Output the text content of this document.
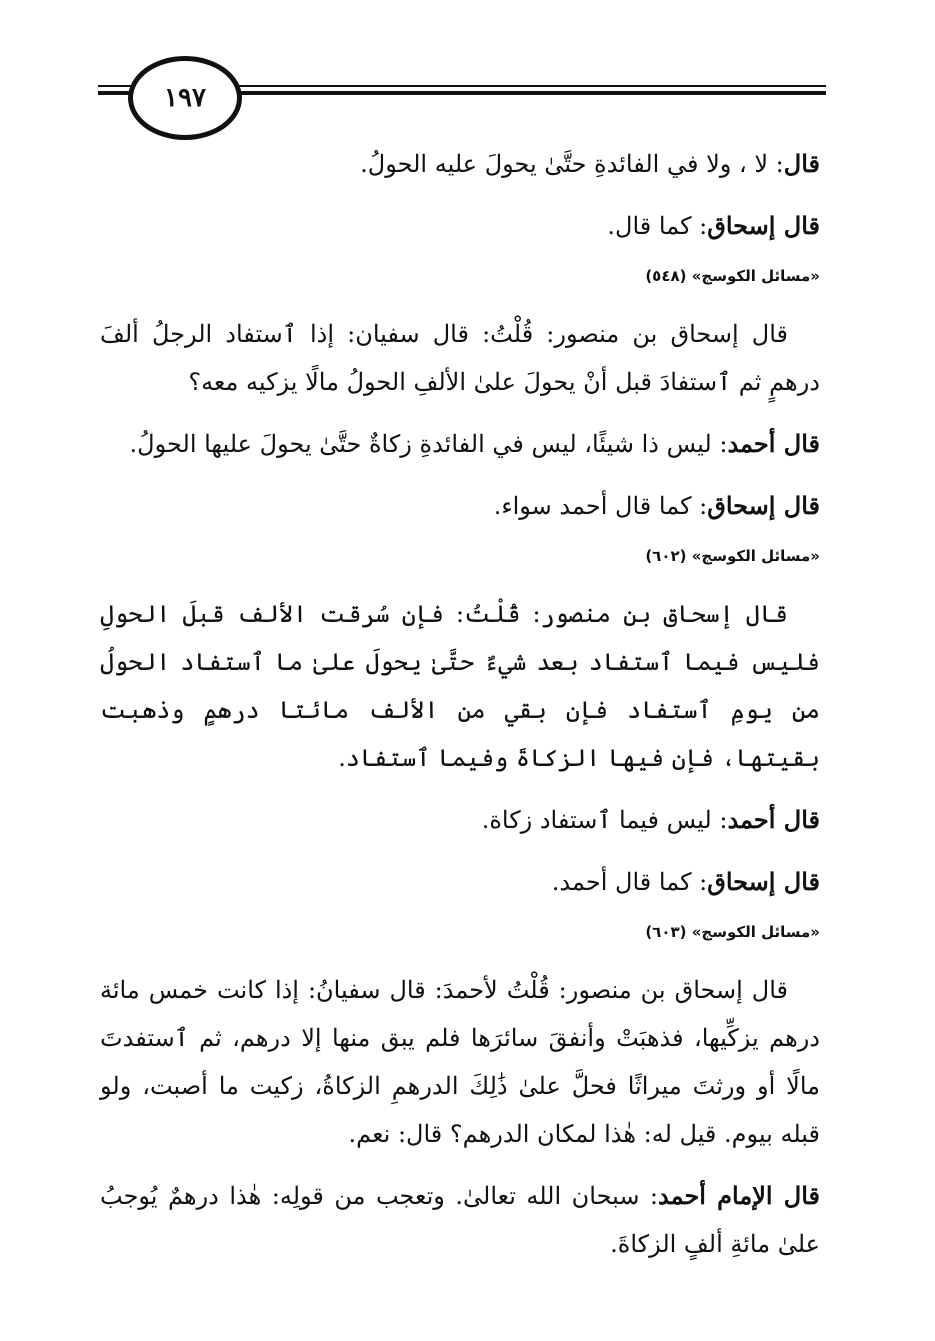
١٩٧

قال: لا ، ولا في الفائدةِ حتَّىٰ يحولَ عليه الحولُ.

قال إسحاق: كما قال.

«مسائل الكوسج» (٥٤٨)

قال إسحاق بن منصور: قُلْتُ: قال سفيان: إذا ٱستفاد الرجلُ ألفَ درهمٍ ثم ٱستفادَ قبل أنْ يحولَ علىٰ الألفِ الحولُ مالًا يزكيه معه؟

قال أحمد: ليس ذا شيئًا، ليس في الفائدةِ زكاةٌ حتَّىٰ يحولَ عليها الحولُ.

قال إسحاق: كما قال أحمد سواء.

«مسائل الكوسج» (٦٠٢)

قال إسحاق بن منصور: قُلْتُ: فإن سُرقت الألف قبلَ الحولِ فليس فيما ٱستفاد بعد شيءٌ حتَّىٰ يحولَ علىٰ ما ٱستفاد الحولُ من يومِ ٱستفاد فإن بقي من الألف مائتا درهمٍ وذهبت بقيتها، فإن فيها الزكاةَ وفيما ٱستفاد.

قال أحمد: ليس فيما ٱستفاد زكاة.

قال إسحاق: كما قال أحمد.

«مسائل الكوسج» (٦٠٣)

قال إسحاق بن منصور: قُلْتُ لأحمدَ: قال سفيانُ: إذا كانت خمس مائة درهم يزكِّيها، فذهبَتْ وأنفقَ سائرَها فلم يبق منها إلا درهم، ثم ٱستفدتَ مالًا أو ورثتَ ميراثًا فحلَّ علىٰ ذَٰلِكَ الدرهمِ الزكاةُ، زكيت ما أصبت، ولو قبله بيوم. قيل له: هٰذا لمكان الدرهم؟ قال: نعم.

قال الإمام أحمد: سبحان الله تعالىٰ. وتعجب من قولِه: هٰذا درهمٌ يُوجبُ علىٰ مائةِ ألفٍ الزكاةَ.
